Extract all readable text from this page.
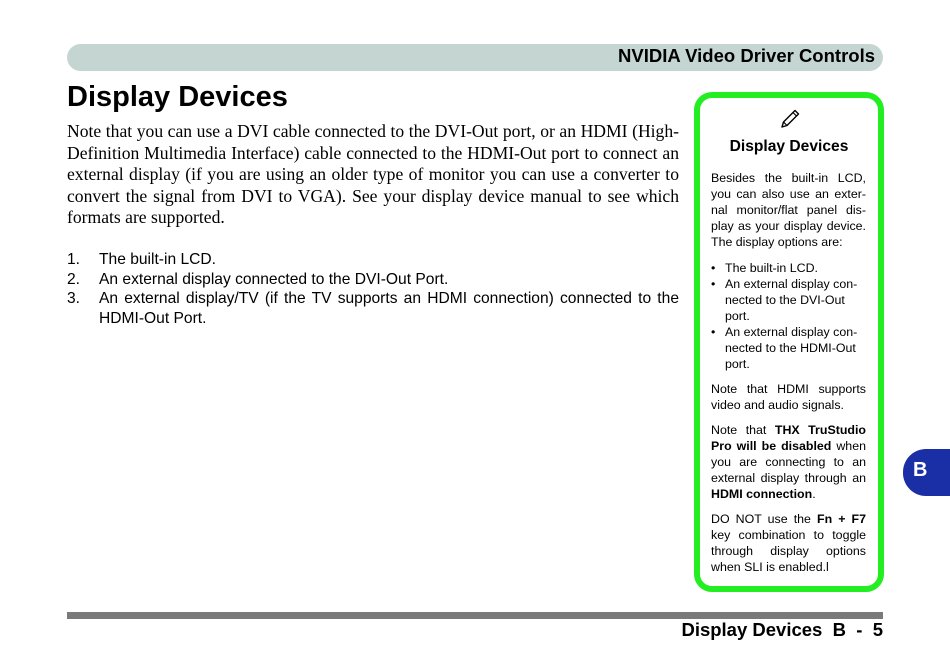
NVIDIA Video Driver Controls
Display Devices

Note that you can use a DVI cable connected to the DVI-Out port, or an HDMI (High-Definition Multimedia Interface) cable connected to the HDMI-Out port to connect an external display (if you are using an older type of monitor you can use a converter to convert the signal from DVI to VGA). See your display device manual to see which formats are supported.

1. The built-in LCD.
2. An external display connected to the DVI-Out Port.
3. An external display/TV (if the TV supports an HDMI connection) connected to the HDMI-Out Port.
Display Devices

Besides the built-in LCD, you can also use an exter-nal monitor/flat panel dis-play as your display device. The display options are:

• The built-in LCD.
• An external display con-nected to the DVI-Out port.
• An external display con-nected to the HDMI-Out port.

Note that HDMI supports video and audio signals.

Note that THX TruStudio Pro will be disabled when you are connecting to an external display through an HDMI connection.

DO NOT use the Fn + F7 key combination to toggle through display options when SLI is enabled.l

B
Display Devices  B  -  5
